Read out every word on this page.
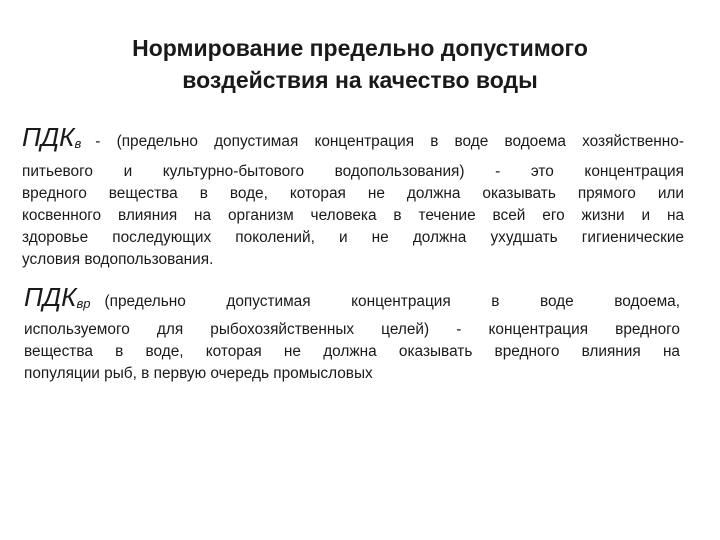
Нормирование предельно допустимого
воздействия на качество воды
$ПДК_в$ - (предельно допустимая концентрация в воде водоема хозяйственно-
питьевого и культурно-бытового водопользования) - это концентрация
вредного вещества в воде, которая не должна оказывать прямого или
косвенного влияния на организм человека в течение всей его жизни и на
здоровье последующих поколений, и не должна ухудшать гигиенические
условия водопользования.
$ПДК_{вр}$ (предельно допустимая концентрация в воде водоема,
используемого для рыбохозяйственных целей) - концентрация вредного
вещества в воде, которая не должна оказывать вредного влияния на
популяции рыб, в первую очередь промысловых
